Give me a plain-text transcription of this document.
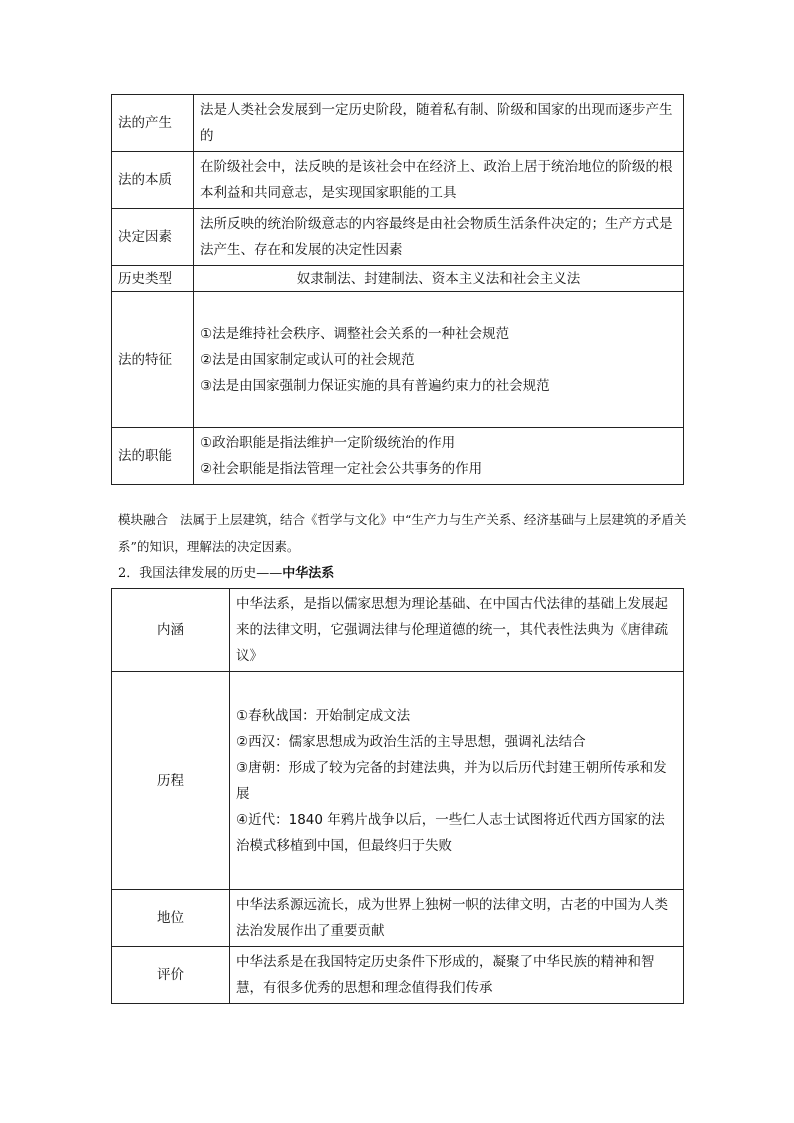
法的产生	法是人类社会发展到一定历史阶段，随着私有制、阶级和国家的出现而逐步产生的
法的本质	在阶级社会中，法反映的是该社会中在经济上、政治上居于统治地位的阶级的根本利益和共同意志，是实现国家职能的工具
决定因素	法所反映的统治阶级意志的内容最终是由社会物质生活条件决定的；生产方式是法产生、存在和发展的决定性因素
历史类型	奴隶制法、封建制法、资本主义法和社会主义法
法的特征	①法是维持社会秩序、调整社会关系的一种社会规范
②法是由国家制定或认可的社会规范
③法是由国家强制力保证实施的具有普遍约束力的社会规范

法的职能	①政治职能是指法维护一定阶级统治的作用
②社会职能是指法管理一定社会公共事务的作用
模块融合 法属于上层建筑，结合《哲学与文化》中“生产力与生产关系、经济基础与上层建筑的矛盾关系”的知识，理解法的决定因素。
2．我国法律发展的历史——中华法系
内涵	中华法系，是指以儒家思想为理论基础、在中国古代法律的基础上发展起来的法律文明，它强调法律与伦理道德的统一，其代表性法典为《唐律疏议》
历程	①春秋战国：开始制定成文法
②西汉：儒家思想成为政治生活的主导思想，强调礼法结合
③唐朝：形成了较为完备的封建法典，并为以后历代封建王朝所传承和发展
④近代：1840 年鸦片战争以后，一些仁人志士试图将近代西方国家的法治模式移植到中国，但最终归于失败

地位	中华法系源远流长，成为世界上独树一帜的法律文明，古老的中国为人类法治发展作出了重要贡献
评价	中华法系是在我国特定历史条件下形成的，凝聚了中华民族的精神和智慧，有很多优秀的思想和理念值得我们传承
